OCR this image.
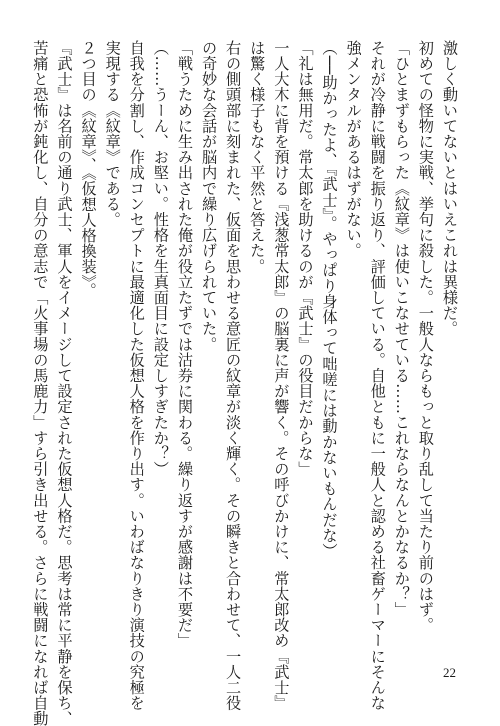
激しく動いてないとはいえこれは異様だ。
初めての怪物に実戦、挙句に殺した。一般人ならもっと取り乱して当たり前のはず。
「ひとまずもらった《紋章》は使いこなせている……これならなんとかなるか？」
それが冷静に戦闘を振り返り、評価している。自他ともに一般人と認める社畜ゲーマーにそんな
強メンタルがあるはずがない。
（──助かったよ、『武士』。やっぱり身体って咄嗟には動かないもんだな）
「礼は無用だ。常太郎を助けるのが『武士』の役目だからな」
一人大木に背を預ける『浅葱常太郎』の脳裏に声が響く。その呼びかけに、常太郎改め『武士』
は驚く様子もなく平然と答えた。
右の側頭部に刻まれた、仮面を思わせる意匠の紋章が淡く輝く。その瞬きと合わせて、一人二役
の奇妙な会話が脳内で繰り広げられていた。
「戦うために生み出された俺が役立たずでは沽券に関わる。繰り返すが感謝は不要だ」
（……うーん、お堅い。性格を生真面目に設定しすぎたか？）
自我を分割し、作成コンセプトに最適化した仮想人格を作り出す。いわばなりきり演技の究極を
実現する《紋章》である。
２つ目の《紋章》、《仮想人格換装》。
『武士』は名前の通り武士、軍人をイメージして設定された仮想人格だ。思考は常に平静を保ち、
苦痛と恐怖が鈍化し、自分の意志で「火事場の馬鹿力」すら引き出せる。さらに戦闘になれば自動	22
